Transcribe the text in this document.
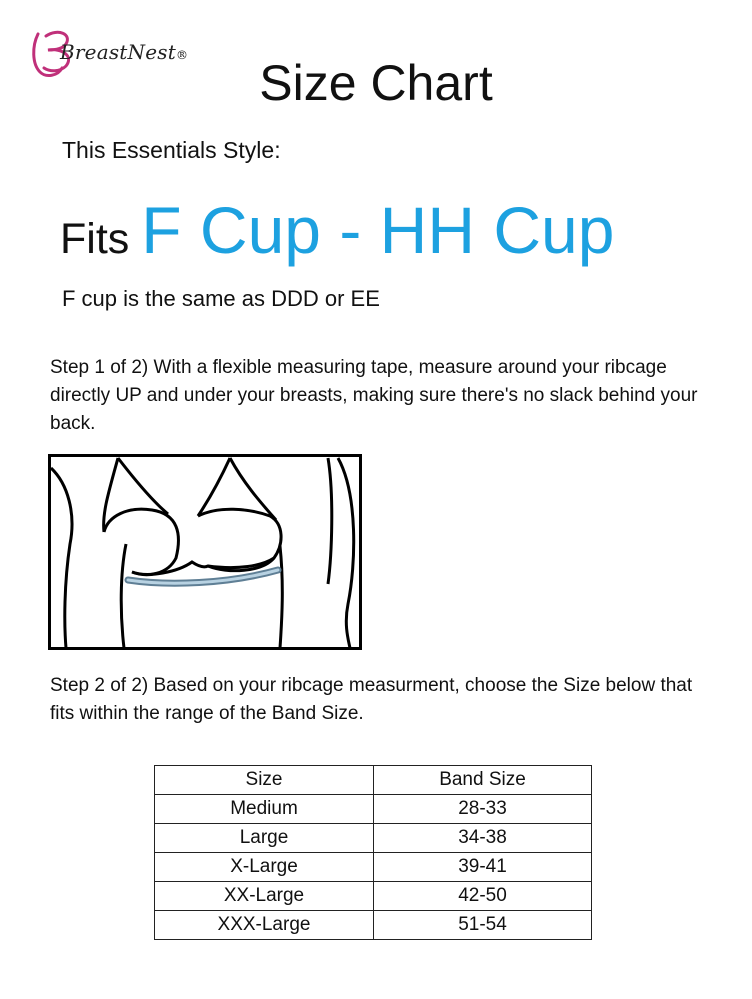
BreastNest®	Size Chart
This Essentials Style:
Fits F Cup - HH Cup
F cup is the same as DDD or EE
Step 1 of 2) With a flexible measuring tape, measure around your ribcage directly UP and under your breasts, making sure there's no slack behind your back.
Step 2 of 2) Based on your ribcage measurment, choose the Size below that fits within the range of the Band Size.
Size	Band Size
Medium	28-33
Large	34-38
X-Large	39-41
XX-Large	42-50
XXX-Large	51-54
